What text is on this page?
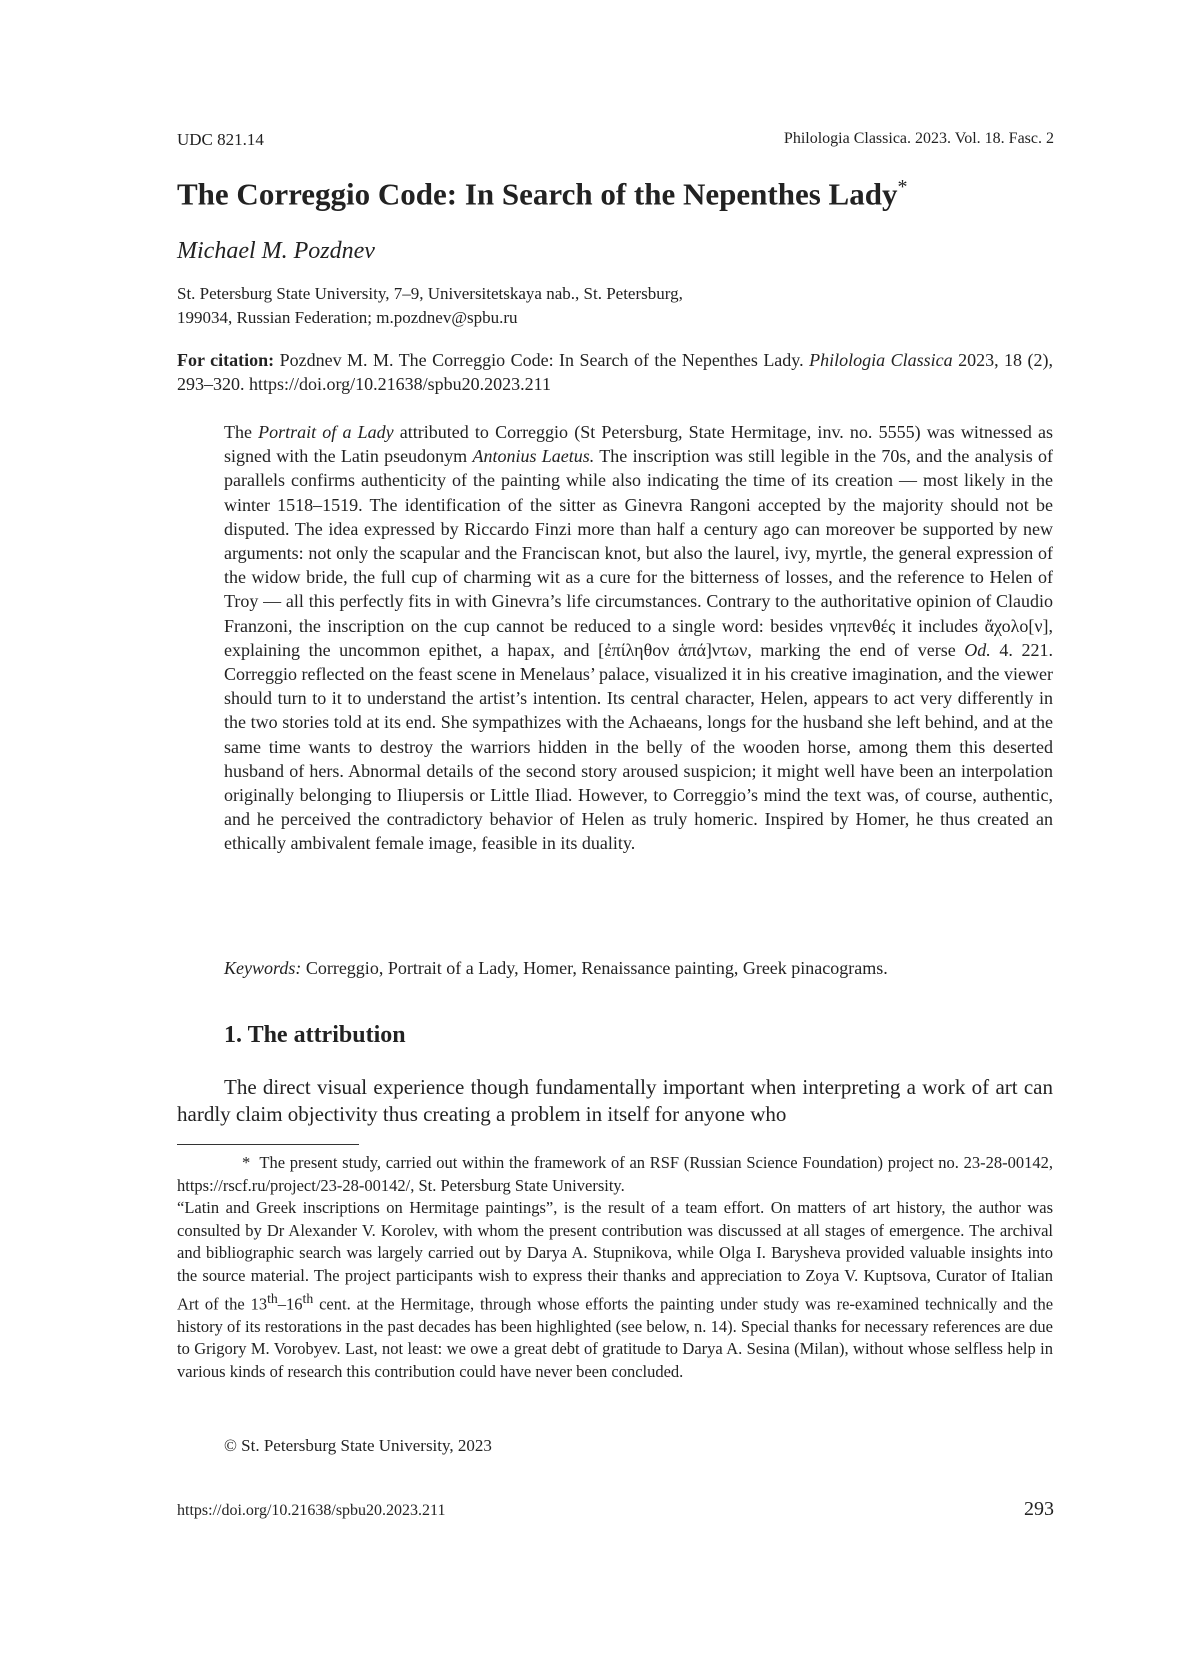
UDC 821.14	Philologia Classica. 2023. Vol. 18. Fasc. 2
The Correggio Code: In Search of the Nepenthes Lady*
Michael M. Pozdnev
St. Petersburg State University, 7–9, Universitetskaya nab., St. Petersburg,
199034, Russian Federation; m.pozdnev@spbu.ru
For citation: Pozdnev M. M. The Correggio Code: In Search of the Nepenthes Lady. Philologia Classica 2023, 18 (2), 293–320. https://doi.org/10.21638/spbu20.2023.211
The Portrait of a Lady attributed to Correggio (St Petersburg, State Hermitage, inv. no. 5555) was witnessed as signed with the Latin pseudonym Antonius Laetus. The inscription was still legible in the 70s, and the analysis of parallels confirms authenticity of the painting while also indicating the time of its creation — most likely in the winter 1518–1519. The identification of the sitter as Ginevra Rangoni accepted by the majority should not be disputed. The idea expressed by Riccardo Finzi more than half a century ago can moreover be supported by new arguments: not only the scapular and the Franciscan knot, but also the laurel, ivy, myrtle, the general expression of the widow bride, the full cup of charming wit as a cure for the bitterness of losses, and the reference to Helen of Troy — all this perfectly fits in with Ginevra’s life circumstances. Contrary to the authoritative opinion of Claudio Franzoni, the inscription on the cup cannot be reduced to a single word: besides νηπενθές it includes ἄχολο[ν], explaining the uncommon epithet, a hapax, and [ἐπίληθον ἁπά]ντων, marking the end of verse Od. 4. 221. Correggio reflected on the feast scene in Menelaus’ palace, visualized it in his creative imagination, and the viewer should turn to it to understand the artist’s intention. Its central character, Helen, appears to act very differently in the two stories told at its end. She sympathizes with the Achaeans, longs for the husband she left behind, and at the same time wants to destroy the warriors hidden in the belly of the wooden horse, among them this deserted husband of hers. Abnormal details of the second story aroused suspicion; it might well have been an interpolation originally belonging to Iliupersis or Little Iliad. However, to Correggio’s mind the text was, of course, authentic, and he perceived the contradictory behavior of Helen as truly homeric. Inspired by Homer, he thus created an ethically ambivalent female image, feasible in its duality.
Keywords: Correggio, Portrait of a Lady, Homer, Renaissance painting, Greek pinacograms.
1. The attribution

The direct visual experience though fundamentally important when interpreting a work of art can hardly claim objectivity thus creating a problem in itself for anyone who

* The present study, carried out within the framework of an RSF (Russian Science Foundation) project no. 23-28-00142, https://rscf.ru/project/23-28-00142/, St. Petersburg State University.

“Latin and Greek inscriptions on Hermitage paintings”, is the result of a team effort. On matters of art history, the author was consulted by Dr Alexander V. Korolev, with whom the present contribution was discussed at all stages of emergence. The archival and bibliographic search was largely carried out by Darya A. Stupnikova, while Olga I. Barysheva provided valuable insights into the source material. The project participants wish to express their thanks and appreciation to Zoya V. Kuptsova, Curator of Italian Art of the 13th–16th cent. at the Hermitage, through whose efforts the painting under study was re-examined technically and the history of its restorations in the past decades has been highlighted (see below, n. 14). Special thanks for necessary references are due to Grigory M. Vorobyev. Last, not least: we owe a great debt of gratitude to Darya A. Sesina (Milan), without whose selfless help in various kinds of research this contribution could have never been concluded.

© St. Petersburg State University, 2023
https://doi.org/10.21638/spbu20.2023.211	293
